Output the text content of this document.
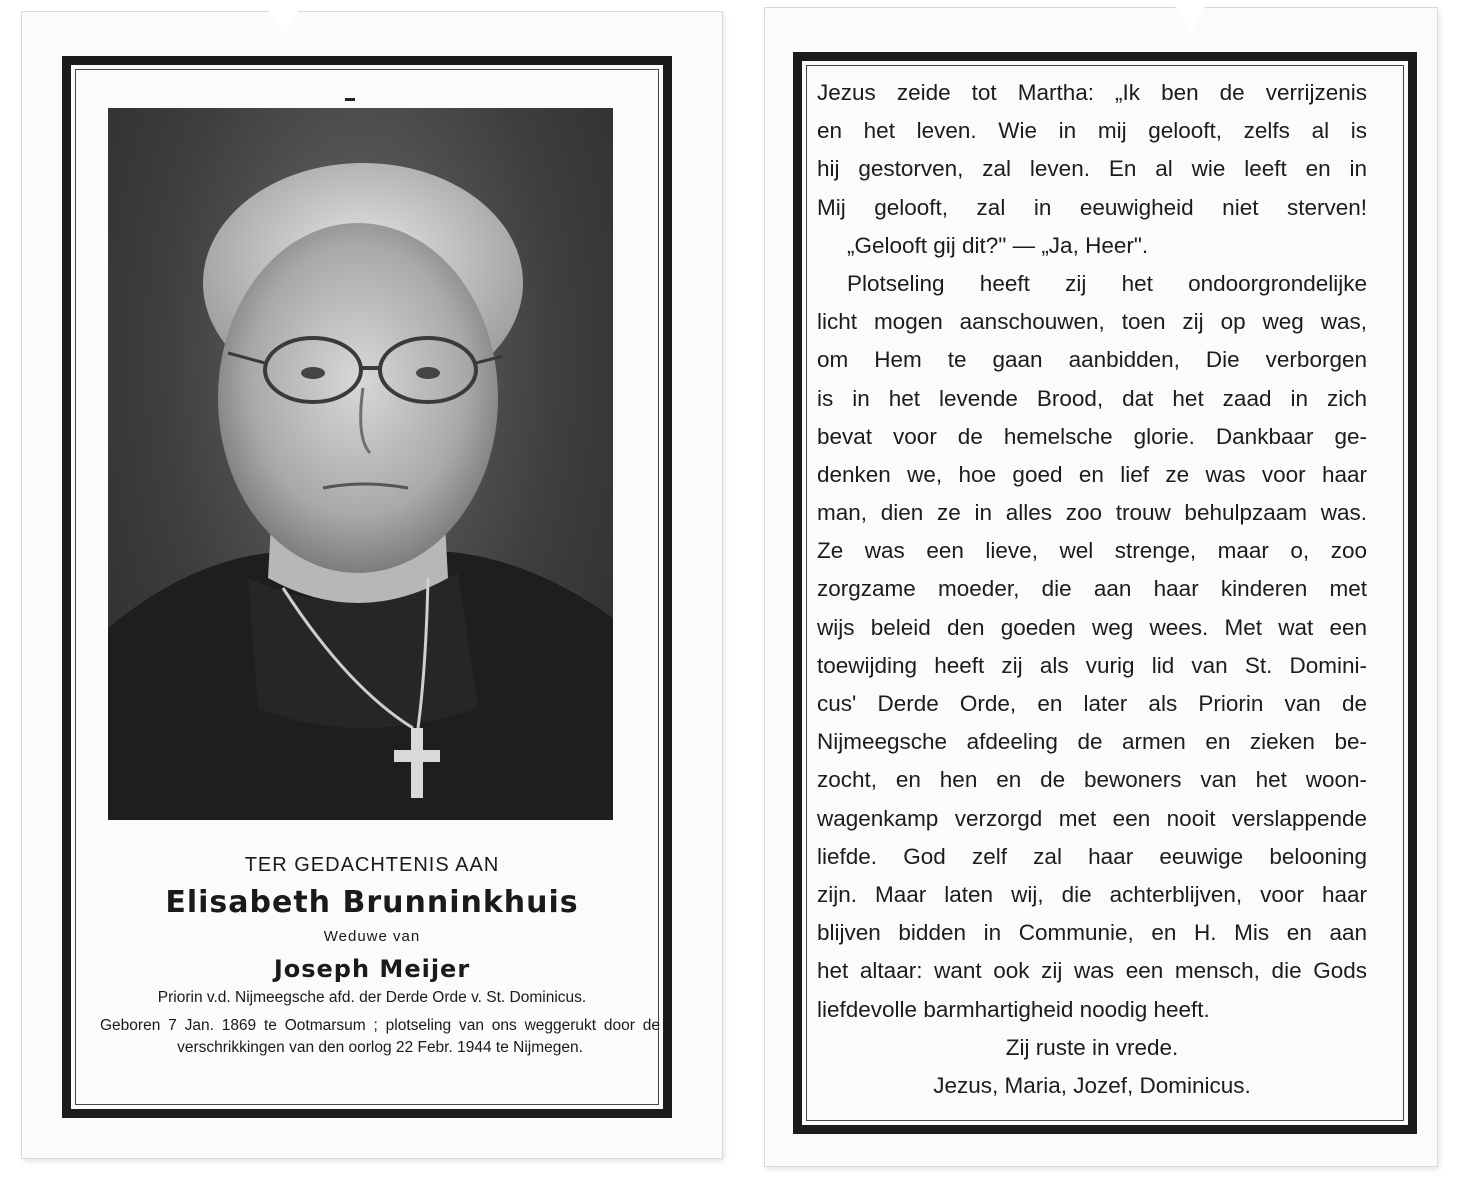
TER GEDACHTENIS AAN
Elisabeth Brunninkhuis
Weduwe van
Joseph Meijer
Priorin v.d. Nijmeegsche afd. der Derde Orde v. St. Dominicus.
Geboren 7 Jan. 1869 te Ootmarsum ; plotseling van ons weggerukt door de verschrikkingen van den oorlog 22 Febr. 1944 te Nijmegen.
Jezus zeide tot Martha: „Ik ben de verrijzenis
en het leven. Wie in mij gelooft, zelfs al is
hij gestorven, zal leven. En al wie leeft en in
Mij gelooft, zal in eeuwigheid niet sterven!
„Gelooft gij dit?" — „Ja, Heer".
Plotseling heeft zij het ondoorgrondelijke
licht mogen aanschouwen, toen zij op weg was,
om Hem te gaan aanbidden, Die verborgen
is in het levende Brood, dat het zaad in zich
bevat voor de hemelsche glorie. Dankbaar ge-
denken we, hoe goed en lief ze was voor haar
man, dien ze in alles zoo trouw behulpzaam was.
Ze was een lieve, wel strenge, maar o, zoo
zorgzame moeder, die aan haar kinderen met
wijs beleid den goeden weg wees. Met wat een
toewijding heeft zij als vurig lid van St. Domini-
cus' Derde Orde, en later als Priorin van de
Nijmeegsche afdeeling de armen en zieken be-
zocht, en hen en de bewoners van het woon-
wagenkamp verzorgd met een nooit verslappende
liefde. God zelf zal haar eeuwige belooning
zijn. Maar laten wij, die achterblijven, voor haar
blijven bidden in Communie, en H. Mis en aan
het altaar: want ook zij was een mensch, die Gods
liefdevolle barmhartigheid noodig heeft.
Zij ruste in vrede.
Jezus, Maria, Jozef, Dominicus.
